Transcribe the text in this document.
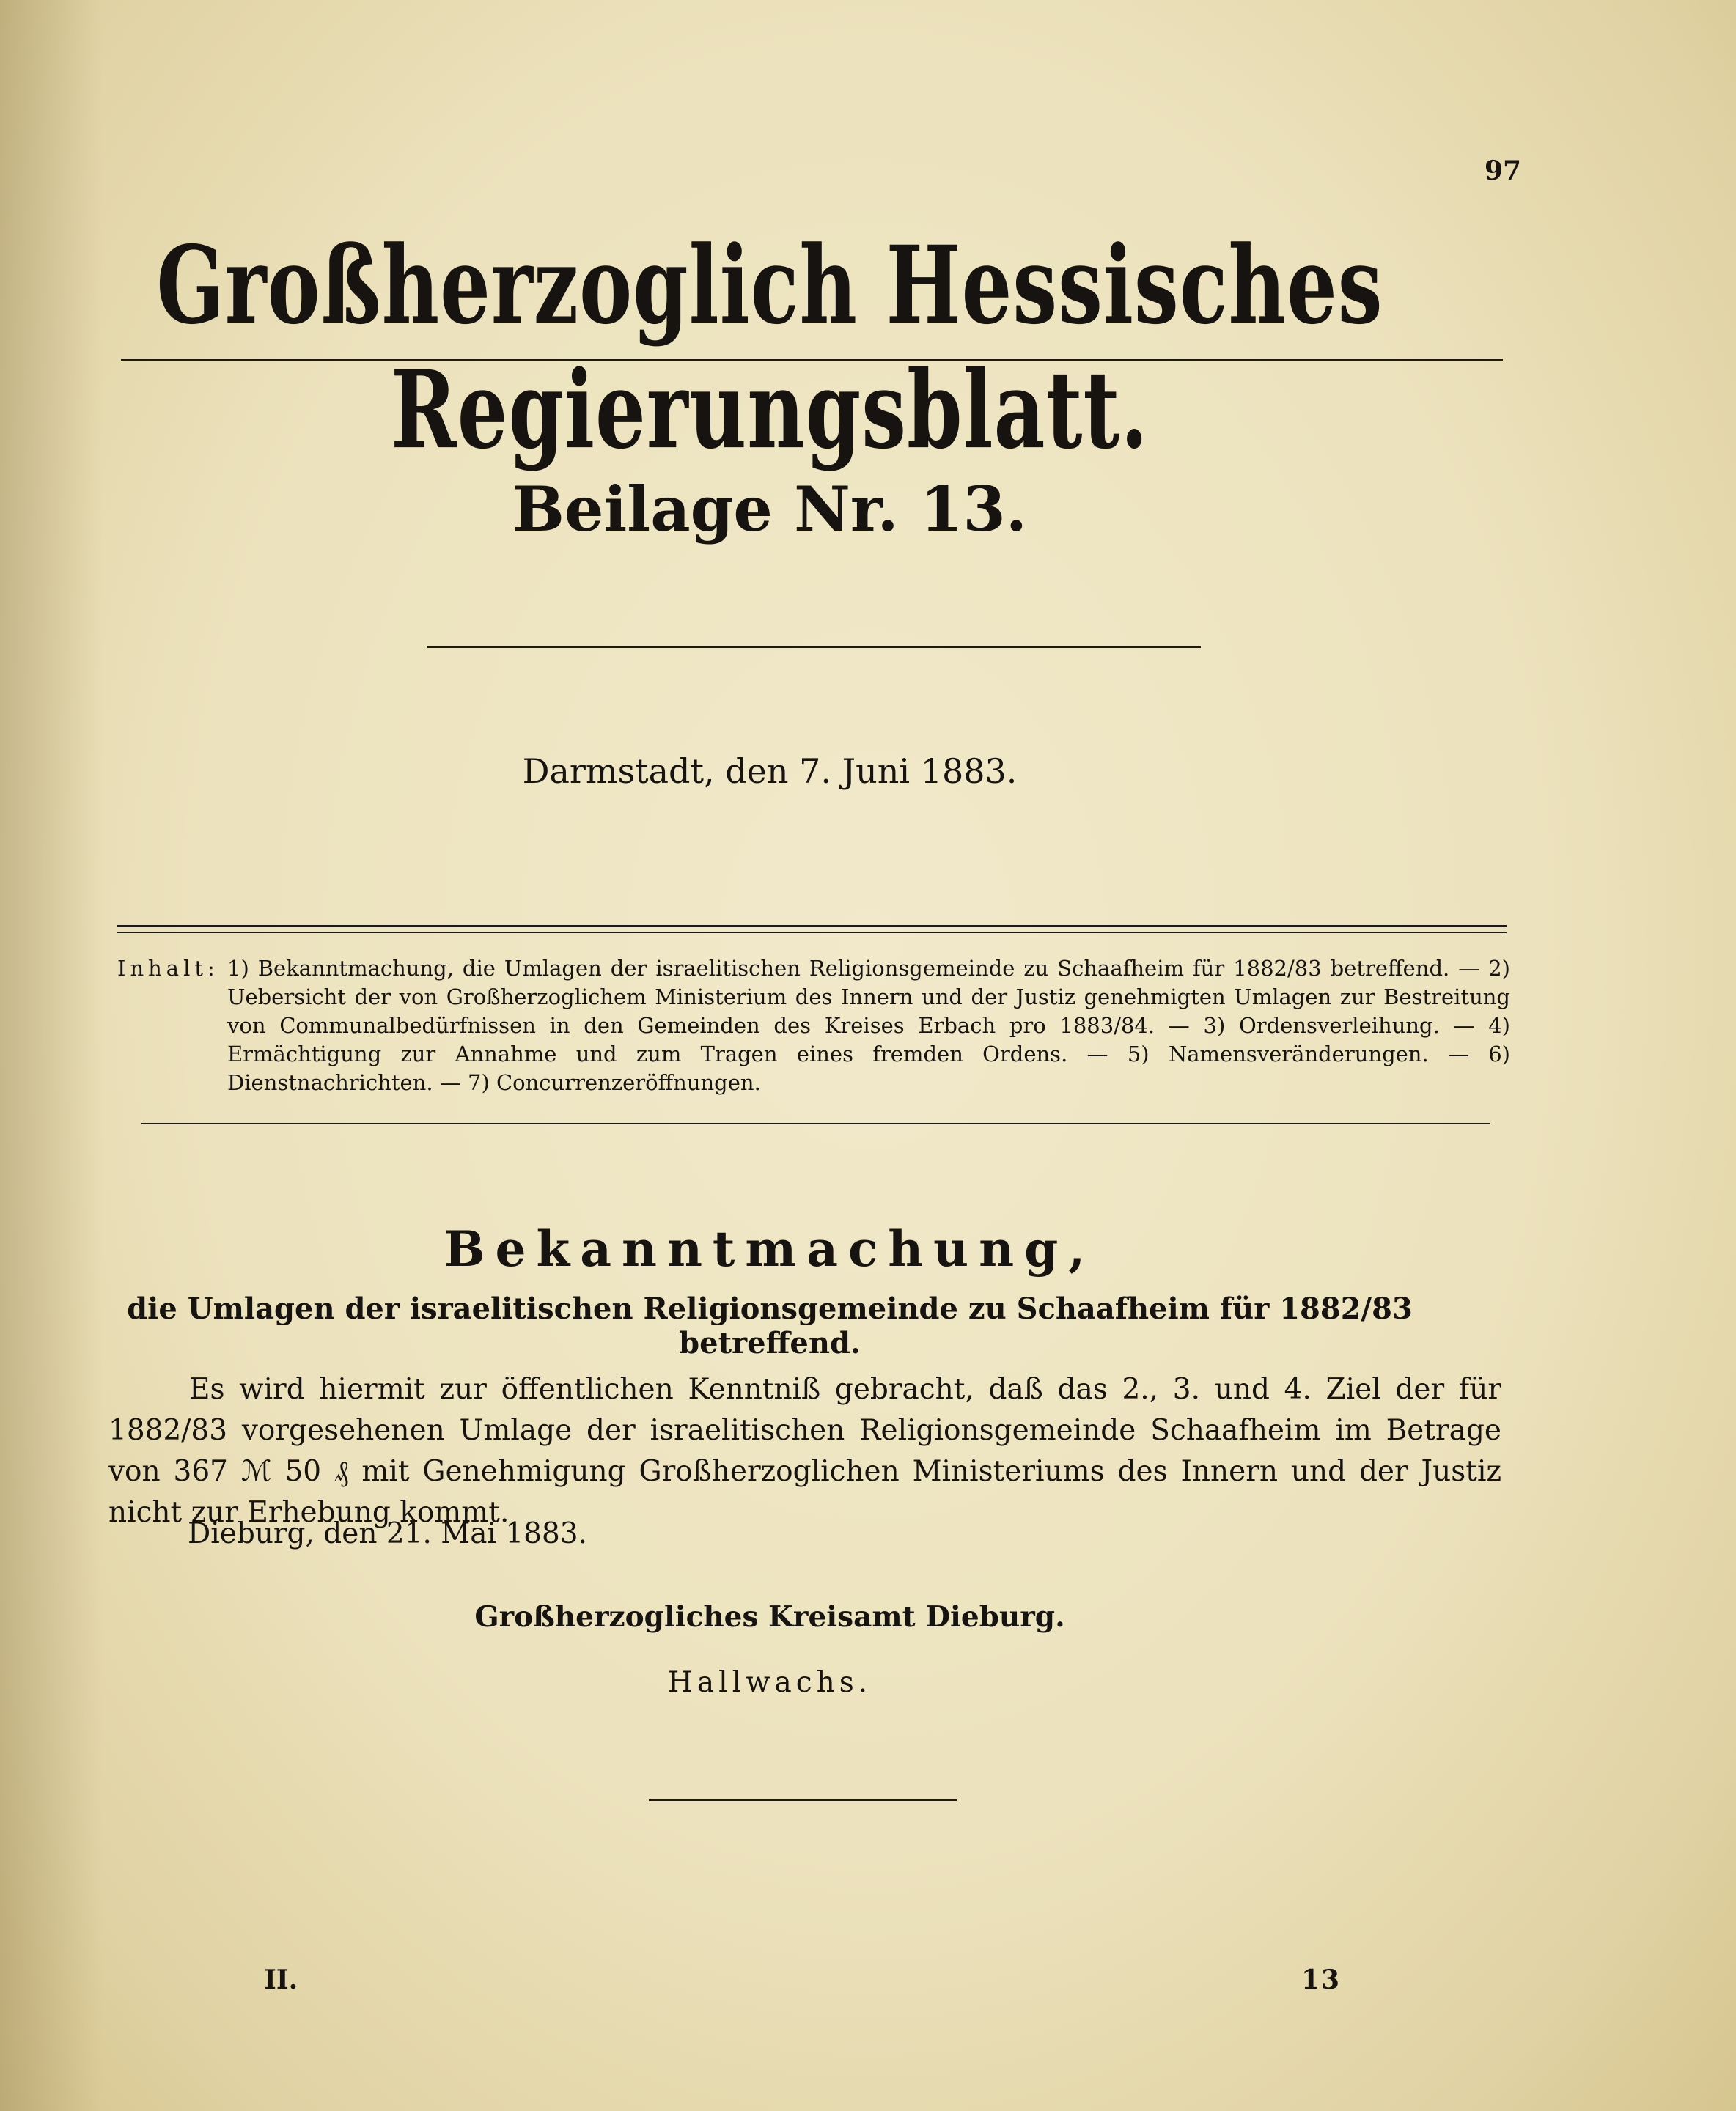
97
Großherzoglich Hessisches Regierungsblatt.
Beilage Nr. 13.
Darmstadt, den 7. Juni 1883.
Inhalt: 1) Bekanntmachung, die Umlagen der israelitischen Religionsgemeinde zu Schaafheim für 1882/83 betreffend. — 2) Uebersicht der von Großherzoglichem Ministerium des Innern und der Justiz genehmigten Umlagen zur Bestreitung von Communalbedürfnissen in den Gemeinden des Kreises Erbach pro 1883/84. — 3) Ordensverleihung. — 4) Ermächtigung zur Annahme und zum Tragen eines fremden Ordens. — 5) Namensveränderungen. — 6) Dienstnachrichten. — 7) Concurrenzeröffnungen.
Bekanntmachung,
die Umlagen der israelitischen Religionsgemeinde zu Schaafheim für 1882/83 betreffend.
Es wird hiermit zur öffentlichen Kenntniß gebracht, daß das 2., 3. und 4. Ziel der für 1882/83 vorgesehenen Umlage der israelitischen Religionsgemeinde Schaafheim im Betrage von 367 ℳ 50 ₰ mit Genehmigung Großherzoglichen Ministeriums des Innern und der Justiz nicht zur Erhebung kommt.
Dieburg, den 21. Mai 1883.
Großherzogliches Kreisamt Dieburg.
Hallwachs.
II.	13
